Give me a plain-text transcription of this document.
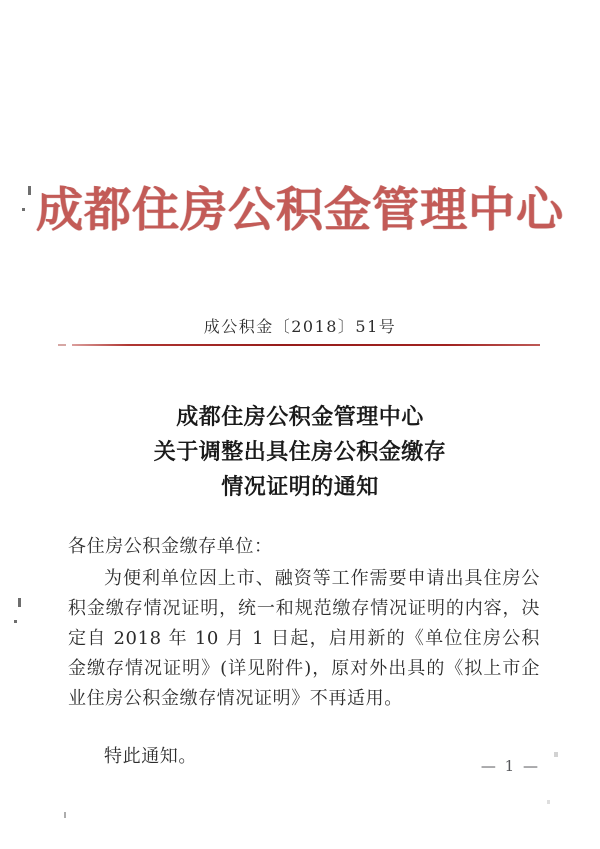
成都住房公积金管理中心
成公积金〔2018〕51号
成都住房公积金管理中心
关于调整出具住房公积金缴存
情况证明的通知
各住房公积金缴存单位：
为便利单位因上市、融资等工作需要申请出具住房公积金缴存情况证明，统一和规范缴存情况证明的内容，决定自 2018 年 10 月 1 日起，启用新的《单位住房公积金缴存情况证明》(详见附件)，原对外出具的《拟上市企业住房公积金缴存情况证明》不再适用。
特此通知。	— 1 —
